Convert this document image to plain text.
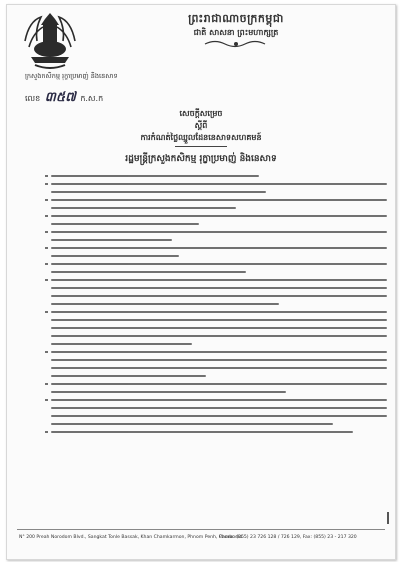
ព្រះរាជាណាចក្រកម្ពុជា
ជាតិ សាសនា ព្រះមហាក្សត្រ
ក្រសួងកសិកម្ម រុក្ខាប្រមាញ់ និងនេសាទ
លេខ ៣៥៧ ក.ស.ក
សេចក្តីសម្រេច
ស្តីពី
ការកំណត់ថ្លៃឈ្នួលដែននេសាទសហគមន៍
រដ្ឋមន្ត្រីក្រសួងកសិកម្ម រុក្ខាប្រមាញ់ និងនេសាទ
N° 200 Preah Norodom Blvd., Sangkat Tonle Bassak, Khan Chamkarmon, Phnom Penh, Cambodia
Phone: (855) 23 726 128 / 726 129, Fax: (855) 23 - 217 320
